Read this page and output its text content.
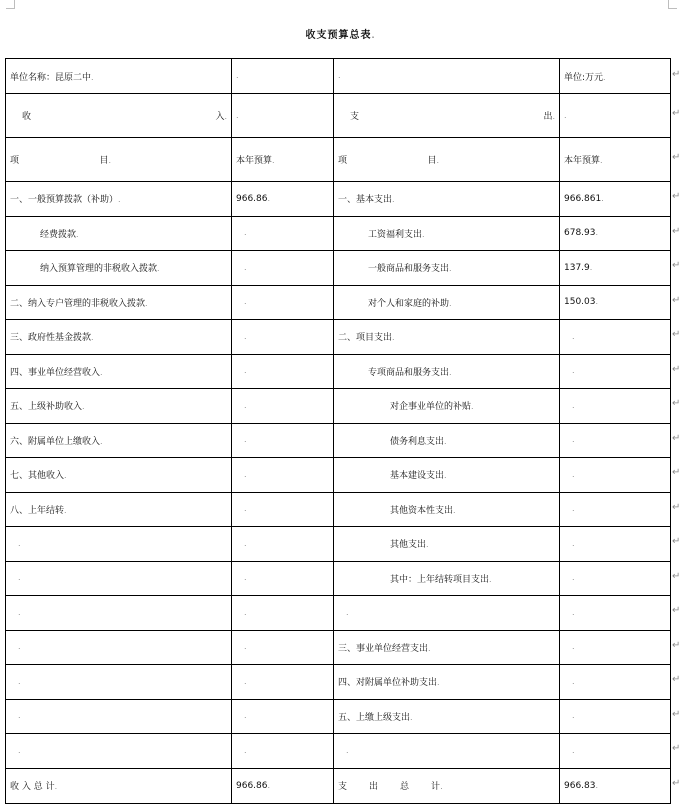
收支预算总表.
单位名称：昆原二中.	.	.	单位:万元.

收 入.	.	支 出.	.

项 目.	本年预算.	项 目.	本年预算.
一、一般预算拨款（补助）.	966.86.	一、基本支出.	966.861.
经费拨款.	.	工资福利支出.	678.93.
纳入预算管理的非税收入拨款.	.	一般商品和服务支出.	137.9.
二、纳入专户管理的非税收入拨款.	.	对个人和家庭的补助.	150.03.
三、政府性基金拨款.	.	二、项目支出.	.
四、事业单位经营收入.	.	专项商品和服务支出.	.
五、上级补助收入.	.	对企事业单位的补贴.	.
六、附属单位上缴收入.	.	债务利息支出.	.
七、其他收入.	.	基本建设支出.	.
八、上年结转.	.	其他资本性支出.	.
.	.	其他支出.	.
.	.	其中：上年结转项目支出.	.
.	.	.	.
.	.	三、事业单位经营支出.	.
.	.	四、对附属单位补助支出.	.
.	.	五、上缴上级支出.	.
.	.	.	.
收 入 总 计.	966.86.	支 出 总 计.	966.83.
↵
↵
↵
↵
↵
↵
↵
↵
↵
↵
↵
↵
↵
↵
↵
↵
↵
↵
↵
↵
↵
